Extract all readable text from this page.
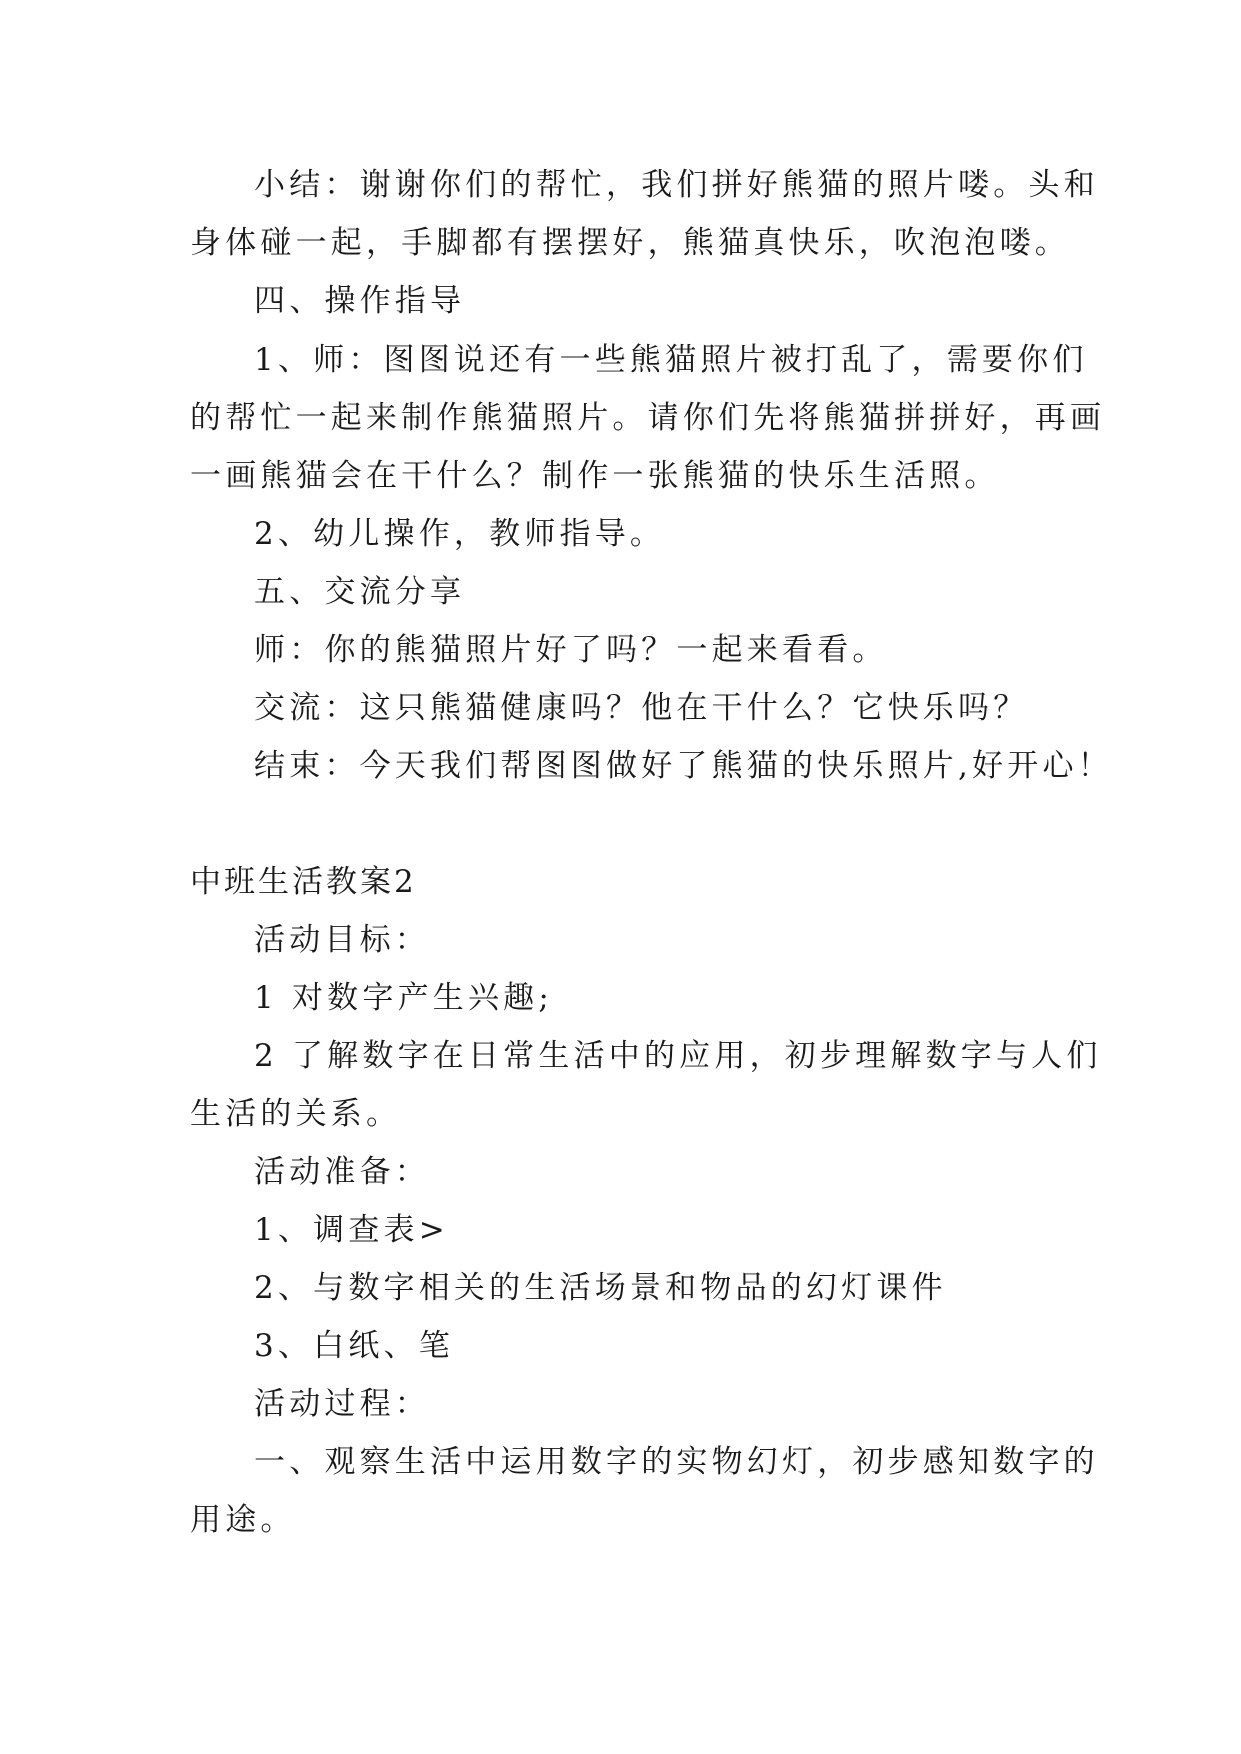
小结：谢谢你们的帮忙，我们拼好熊猫的照片喽。头和
身体碰一起，手脚都有摆摆好，熊猫真快乐，吹泡泡喽。
四、操作指导
1、师：图图说还有一些熊猫照片被打乱了，需要你们
的帮忙一起来制作熊猫照片。请你们先将熊猫拼拼好，再画
一画熊猫会在干什么？制作一张熊猫的快乐生活照。
2、幼儿操作，教师指导。
五、交流分享
师：你的熊猫照片好了吗？一起来看看。
交流：这只熊猫健康吗？他在干什么？它快乐吗？
结束：今天我们帮图图做好了熊猫的快乐照片,好开心！
中班生活教案2
活动目标：
1 对数字产生兴趣;
2 了解数字在日常生活中的应用，初步理解数字与人们
生活的关系。
活动准备：
1、调查表>
2、与数字相关的生活场景和物品的幻灯课件
3、白纸、笔
活动过程：
一、观察生活中运用数字的实物幻灯，初步感知数字的
用途。
